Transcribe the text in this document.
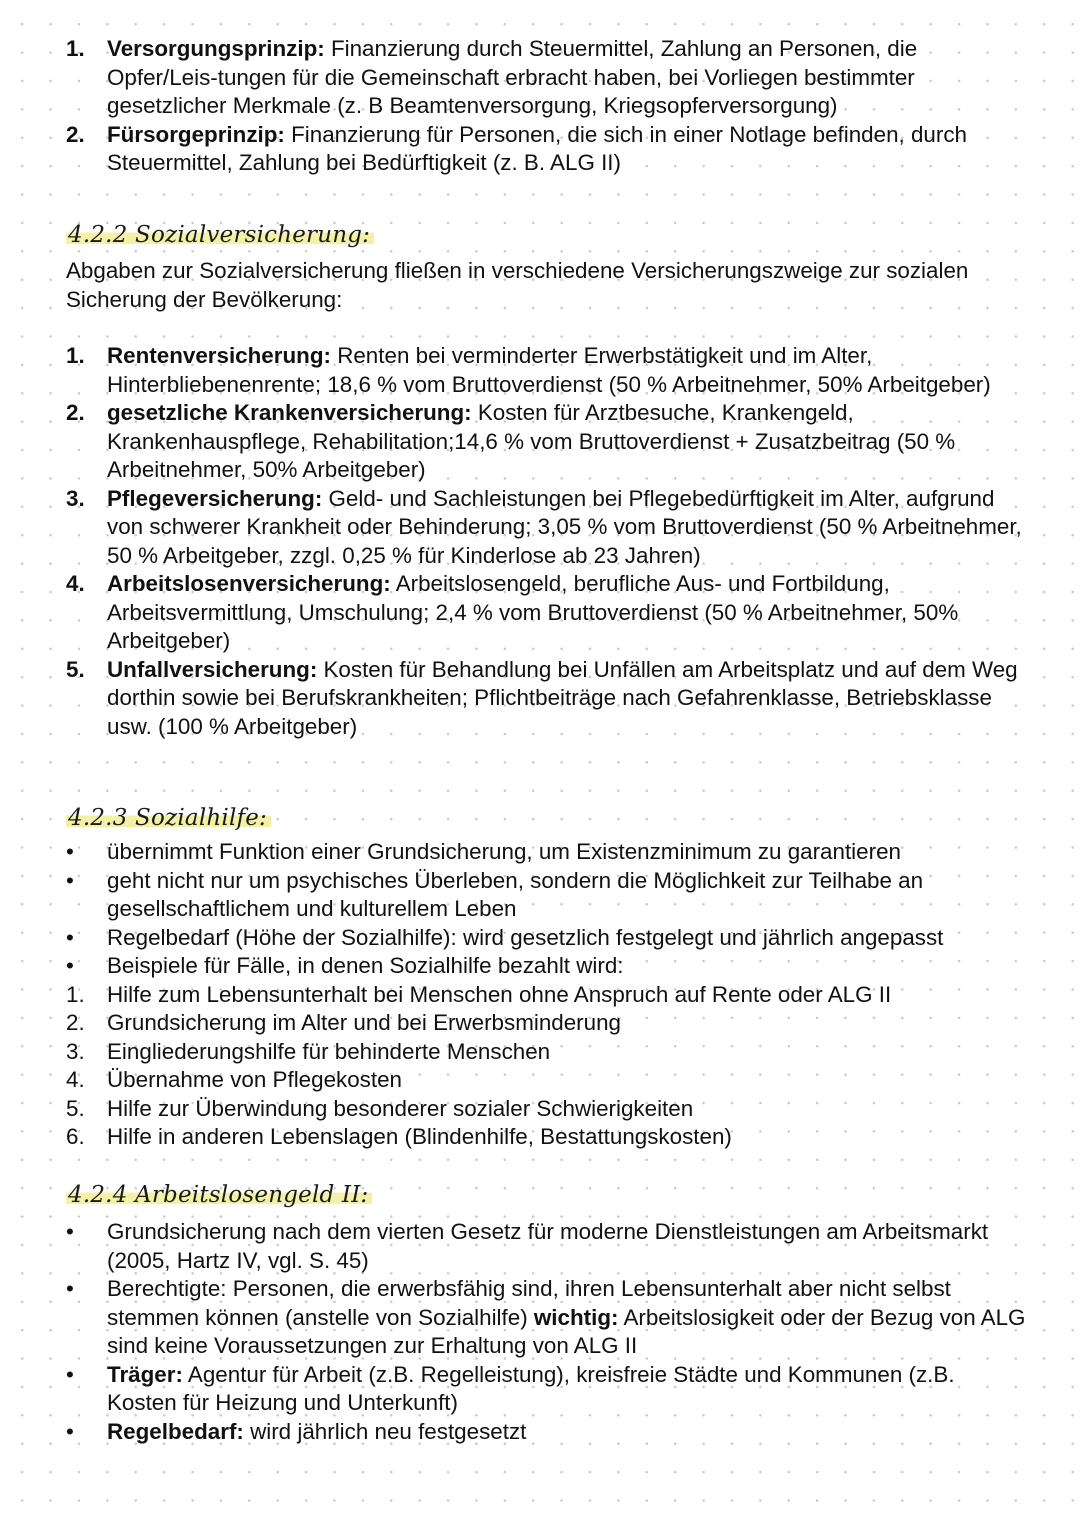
1. Versorgungsprinzip: Finanzierung durch Steuermittel, Zahlung an Personen, die Opfer/Leis-tungen für die Gemeinschaft erbracht haben, bei Vorliegen bestimmter gesetzlicher Merkmale (z. B Beamtenversorgung, Kriegsopferversorgung)
2. Fürsorgeprinzip: Finanzierung für Personen, die sich in einer Notlage befinden, durch Steuermittel, Zahlung bei Bedürftigkeit (z. B. ALG II)
4.2.2 Sozialversicherung:
Abgaben zur Sozialversicherung fließen in verschiedene Versicherungszweige zur sozialen Sicherung der Bevölkerung:
1. Rentenversicherung: Renten bei verminderter Erwerbstätigkeit und im Alter, Hinterbliebenenrente; 18,6 % vom Bruttoverdienst (50 % Arbeitnehmer, 50% Arbeitgeber)
2. gesetzliche Krankenversicherung: Kosten für Arztbesuche, Krankengeld, Krankenhauspflege, Rehabilitation;14,6 % vom Bruttoverdienst + Zusatzbeitrag (50 % Arbeitnehmer, 50% Arbeitgeber)
3. Pflegeversicherung: Geld- und Sachleistungen bei Pflegebedürftigkeit im Alter, aufgrund von schwerer Krankheit oder Behinderung; 3,05 % vom Bruttoverdienst (50 % Arbeitnehmer, 50 % Arbeitgeber, zzgl. 0,25 % für Kinderlose ab 23 Jahren)
4. Arbeitslosenversicherung: Arbeitslosengeld, berufliche Aus- und Fortbildung, Arbeitsvermittlung, Umschulung; 2,4 % vom Bruttoverdienst (50 % Arbeitnehmer, 50% Arbeitgeber)
5. Unfallversicherung: Kosten für Behandlung bei Unfällen am Arbeitsplatz und auf dem Weg dorthin sowie bei Berufskrankheiten; Pflichtbeiträge nach Gefahrenklasse, Betriebsklasse usw. (100 % Arbeitgeber)
4.2.3 Sozialhilfe:
•	übernimmt Funktion einer Grundsicherung, um Existenzminimum zu garantieren
•	geht nicht nur um psychisches Überleben, sondern die Möglichkeit zur Teilhabe an gesellschaftlichem und kulturellem Leben
•	Regelbedarf (Höhe der Sozialhilfe): wird gesetzlich festgelegt und jährlich angepasst
•	Beispiele für Fälle, in denen Sozialhilfe bezahlt wird:
1. Hilfe zum Lebensunterhalt bei Menschen ohne Anspruch auf Rente oder ALG II
2. Grundsicherung im Alter und bei Erwerbsminderung
3. Eingliederungshilfe für behinderte Menschen
4. Übernahme von Pflegekosten
5. Hilfe zur Überwindung besonderer sozialer Schwierigkeiten
6. Hilfe in anderen Lebenslagen (Blindenhilfe, Bestattungskosten)
4.2.4 Arbeitslosengeld II:
•	Grundsicherung nach dem vierten Gesetz für moderne Dienstleistungen am Arbeitsmarkt (2005, Hartz IV, vgl. S. 45)
•	Berechtigte: Personen, die erwerbsfähig sind, ihren Lebensunterhalt aber nicht selbst stemmen können (anstelle von Sozialhilfe) wichtig: Arbeitslosigkeit oder der Bezug von ALG sind keine Voraussetzungen zur Erhaltung von ALG II
•	Träger: Agentur für Arbeit (z.B. Regelleistung), kreisfreie Städte und Kommunen (z.B. Kosten für Heizung und Unterkunft)
•	Regelbedarf: wird jährlich neu festgesetzt
